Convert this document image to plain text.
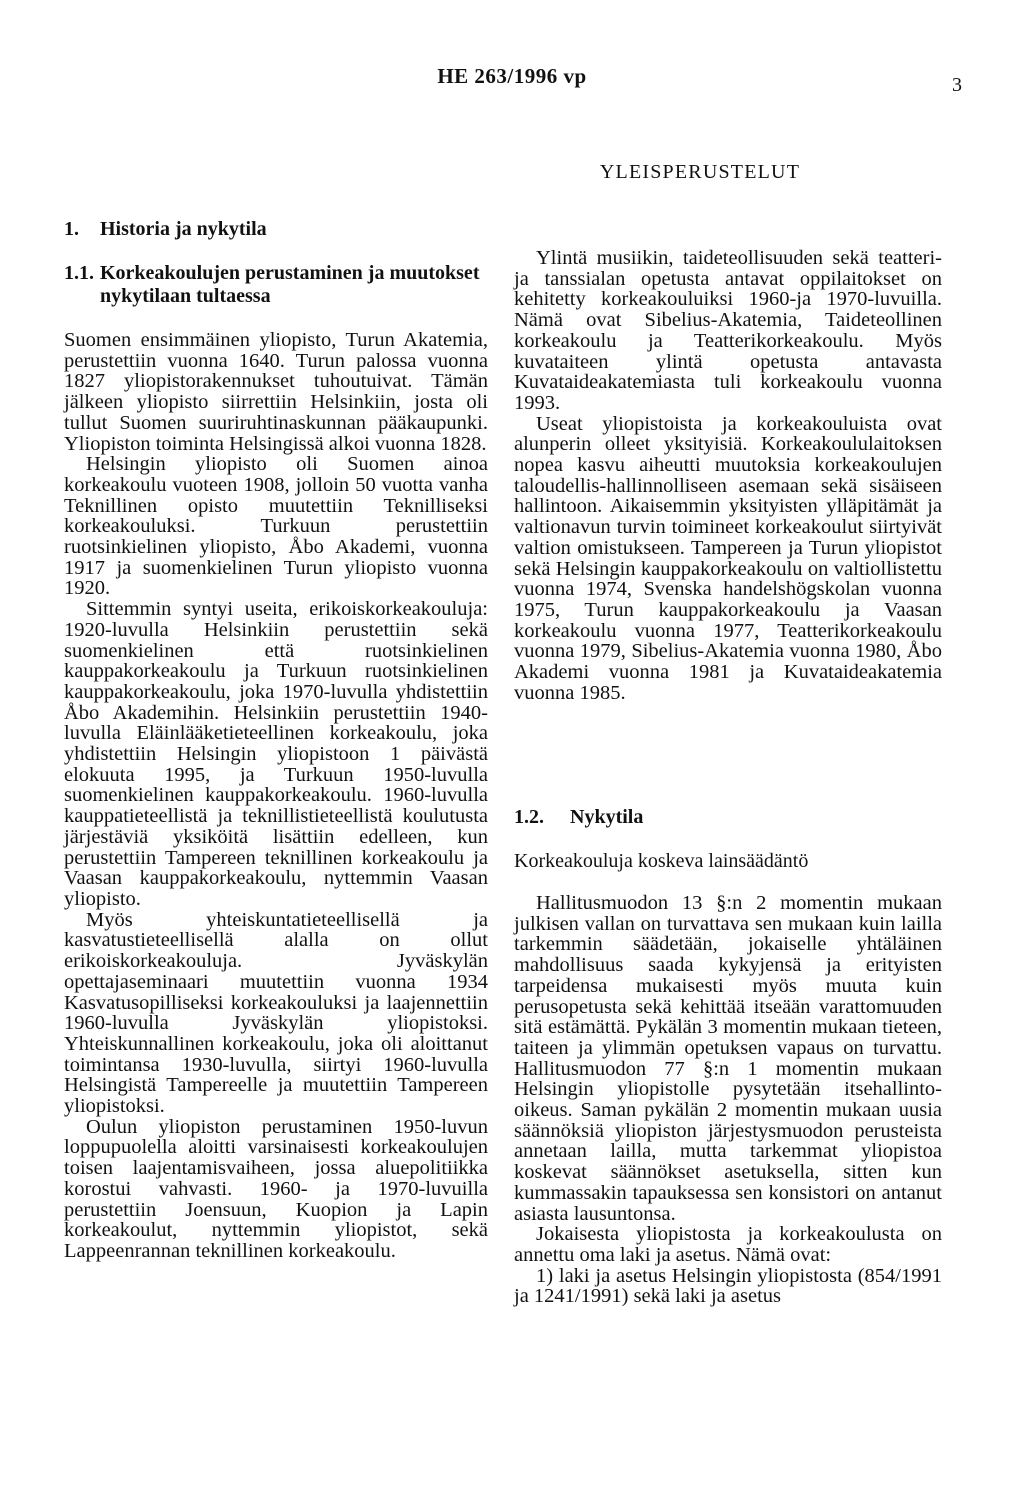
HE 263/1996 vp	3
YLEISPERUSTELUT
1. Historia ja nykytila
1.1. Korkeakoulujen perustaminen ja muutokset nykytilaan tultaessa

Suomen ensimmäinen yliopisto, Turun Akatemia, perustettiin vuonna 1640. Turun palossa vuonna 1827 yliopistorakennukset tuhoutuivat. Tämän jälkeen yliopisto siirrettiin Helsinkiin, josta oli tullut Suomen suuriruhtinaskunnan pääkaupunki. Yliopiston toiminta Helsingissä alkoi vuonna 1828.

Helsingin yliopisto oli Suomen ainoa korkeakoulu vuoteen 1908, jolloin 50 vuotta vanha Teknillinen opisto muutettiin Teknilliseksi korkeakouluksi. Turkuun perustettiin ruotsinkielinen yliopisto, Åbo Akademi, vuonna 1917 ja suomenkielinen Turun yliopisto vuonna 1920.

Sittemmin syntyi useita, erikoiskorkeakouluja: 1920-luvulla Helsinkiin perustettiin sekä suomenkielinen että ruotsinkielinen kauppakorkeakoulu ja Turkuun ruotsinkielinen kauppakorkeakoulu, joka 1970-luvulla yhdistettiin Åbo Akademihin. Helsinkiin perustettiin 1940-luvulla Eläinlääketieteellinen korkeakoulu, joka yhdistettiin Helsingin yliopistoon 1 päivästä elokuuta 1995, ja Turkuun 1950-luvulla suomenkielinen kauppakorkeakoulu. 1960-luvulla kauppatieteellistä ja teknillistieteellistä koulutusta järjestäviä yksiköitä lisättiin edelleen, kun perustettiin Tampereen teknillinen korkeakoulu ja Vaasan kauppakorkeakoulu, nyttemmin Vaasan yliopisto.

Myös yhteiskuntatieteellisellä ja kasvatustieteellisellä alalla on ollut erikoiskorkeakouluja. Jyväskylän opettajaseminaari muutettiin vuonna 1934 Kasvatusopilliseksi korkeakouluksi ja laajennettiin 1960-luvulla Jyväskylän yliopistoksi. Yhteiskunnallinen korkeakoulu, joka oli aloittanut toimintansa 1930-luvulla, siirtyi 1960-luvulla Helsingistä Tampereelle ja muutettiin Tampereen yliopistoksi.

Oulun yliopiston perustaminen 1950-luvun loppupuolella aloitti varsinaisesti korkeakoulujen toisen laajentamisvaiheen, jossa aluepolitiikka korostui vahvasti. 1960- ja 1970-luvuilla perustettiin Joensuun, Kuopion ja Lapin korkeakoulut, nyttemmin yliopistot, sekä Lappeenrannan teknillinen korkeakoulu.

Ylintä musiikin, taideteollisuuden sekä teatteri- ja tanssialan opetusta antavat oppilaitokset on kehitetty korkeakouluiksi 1960-ja 1970-luvuilla. Nämä ovat Sibelius-Akatemia, Taideteollinen korkeakoulu ja Teatterikorkeakoulu. Myös kuvataiteen ylintä opetusta antavasta Kuvataideakatemiasta tuli korkeakoulu vuonna 1993.

Useat yliopistoista ja korkeakouluista ovat alunperin olleet yksityisiä. Korkeakoululaitoksen nopea kasvu aiheutti muutoksia korkeakoulujen taloudellis-hallinnolliseen asemaan sekä sisäiseen hallintoon. Aikaisemmin yksityisten ylläpitämät ja valtionavun turvin toimineet korkeakoulut siirtyivät valtion omistukseen. Tampereen ja Turun yliopistot sekä Helsingin kauppakorkeakoulu on valtiollistettu vuonna 1974, Svenska handelshögskolan vuonna 1975, Turun kauppakorkeakoulu ja Vaasan korkeakoulu vuonna 1977, Teatterikorkeakoulu vuonna 1979, Sibelius-Akatemia vuonna 1980, Åbo Akademi vuonna 1981 ja Kuvataideakatemia vuonna 1985.

1.2.	Nykytila
Korkeakouluja koskeva lainsäädäntö

Hallitusmuodon 13 §:n 2 momentin mukaan julkisen vallan on turvattava sen mukaan kuin lailla tarkemmin säädetään, jokaiselle yhtäläinen mahdollisuus saada kykyjensä ja erityisten tarpeidensa mukaisesti myös muuta kuin perusopetusta sekä kehittää itseään varattomuuden sitä estämättä. Pykälän 3 momentin mukaan tieteen, taiteen ja ylimmän opetuksen vapaus on turvattu. Hallitusmuodon 77 §:n 1 momentin mukaan Helsingin yliopistolle pysytetään itsehallinto-oikeus. Saman pykälän 2 momentin mukaan uusia säännöksiä yliopiston järjestysmuodon perusteista annetaan lailla, mutta tarkemmat yliopistoa koskevat säännökset asetuksella, sitten kun kummassakin tapauksessa sen konsistori on antanut asiasta lausuntonsa.

Jokaisesta yliopistosta ja korkeakoulusta on annettu oma laki ja asetus. Nämä ovat:

1) laki ja asetus Helsingin yliopistosta (854/1991 ja 1241/1991) sekä laki ja asetus
